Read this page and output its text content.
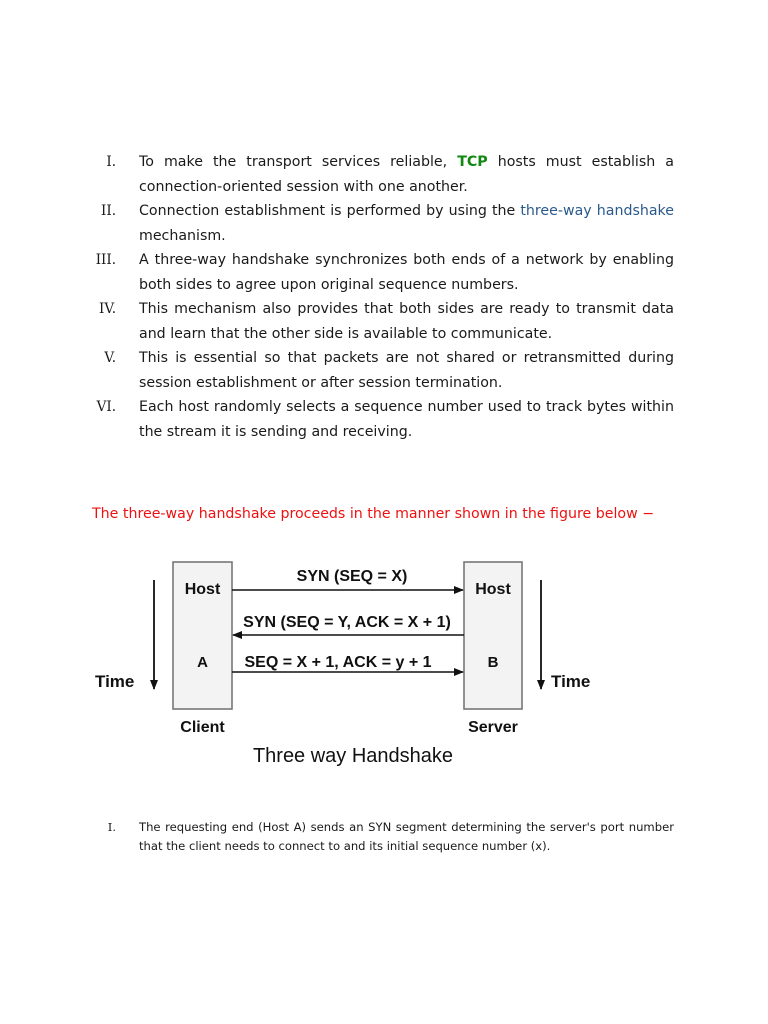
I. To make the transport services reliable, TCP hosts must establish a connection-oriented session with one another.
II. Connection establishment is performed by using the three-way handshake mechanism.
III. A three-way handshake synchronizes both ends of a network by enabling both sides to agree upon original sequence numbers.
IV. This mechanism also provides that both sides are ready to transmit data and learn that the other side is available to communicate.
V. This is essential so that packets are not shared or retransmitted during session establishment or after session termination.
VI. Each host randomly selects a sequence number used to track bytes within the stream it is sending and receiving.
The three-way handshake proceeds in the manner shown in the figure below −
Host
A
Host
B
Time	Time
SYN (SEQ = X)
SYN (SEQ = Y, ACK = X + 1)
SEQ = X + 1, ACK = y + 1
Client	Server
Three way Handshake
I. The requesting end (Host A) sends an SYN segment determining the server's port number that the client needs to connect to and its initial sequence number (x).
